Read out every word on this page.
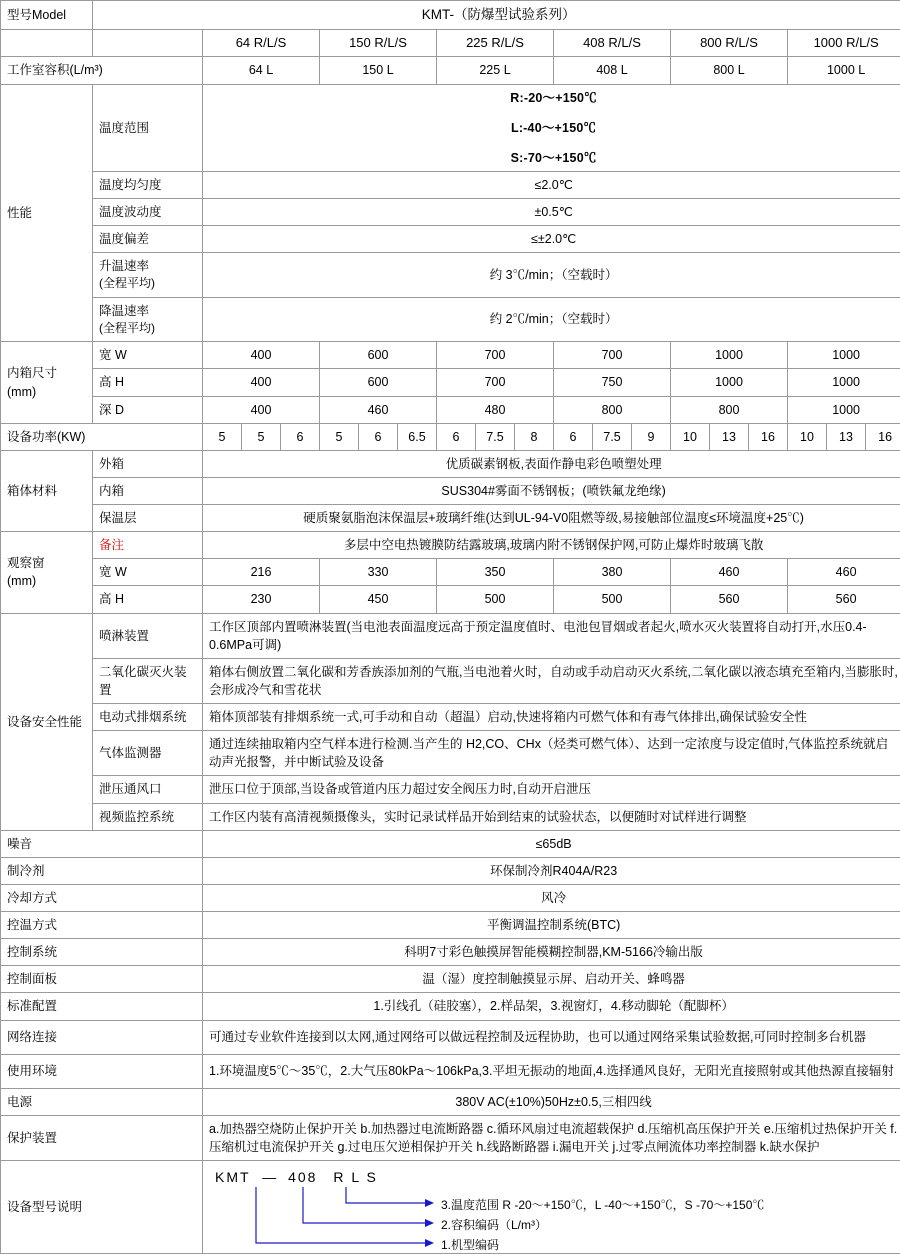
型号Model	KMT-（防爆型试验系列）																		
		64 R/L/S			150 R/L/S			225 R/L/S			408 R/L/S			800 R/L/S			1000 R/L/S		
工作室容积(L/m³)		64 L			150 L			225 L			408 L			800 L			1000 L		
性能	温度范围	R:-20～+150℃
L:-40～+150℃
S:-70～+150℃																	

	温度均匀度	≤2.0℃																	
	温度波动度	±0.5℃																	
	温度偏差	≤±2.0℃																	

	升温速率
(全程平均)	约 3℃/min；（空载时）																	

	降温速率
(全程平均)	约 2℃/min；（空载时）																	

内箱尺寸
(mm)	宽 W	400			600			700			700			1000			1000		
	高 H	400			600			700			750			1000			1000		
	深 D	400			460			480			800			800			1000		
设备功率(KW)		5	5	6	5	6	6.5	6	7.5	8	6	7.5	9	10	13	16	10	13	16
箱体材料	外箱	优质碳素钢板,表面作静电彩色喷塑处理																	
	内箱	SUS304#雾面不锈钢板；(喷铁氟龙绝缘)																	
	保温层	硬质聚氨脂泡沫保温层+玻璃纤维(达到UL-94-V0阻燃等级,易接触部位温度≤环境温度+25℃)																	

观察窗
(mm)	备注	多层中空电热镀膜防结露玻璃,玻璃内附不锈钢保护网,可防止爆炸时玻璃飞散																	
	宽 W	216			330			350			380			460			460		
	高 H	230			450			500			500			560			560		
设备安全性能	喷淋装置	工作区顶部内置喷淋装置(当电池表面温度远高于预定温度值时、电池包冒烟或者起火,喷水灭火装置将自动打开,水压0.4-0.6MPa可调)																	
	二氧化碳灭火装置	箱体右侧放置二氧化碳和芳香族添加剂的气瓶,当电池着火时，自动或手动启动灭火系统,二氧化碳以液态填充至箱内,当膨胀时,会形成冷气和雪花状																	
	电动式排烟系统	箱体顶部装有排烟系统一式,可手动和自动（超温）启动,快速将箱内可燃气体和有毒气体排出,确保试验安全性																	
	气体监测器	通过连续抽取箱内空气样本进行检测.当产生的 H2,CO、CHx（烃类可燃气体）、达到一定浓度与设定值时,气体监控系统就启动声光报警，并中断试验及设备																	
	泄压通风口	泄压口位于顶部,当设备或管道内压力超过安全阀压力时,自动开启泄压																	
	视频监控系统	工作区内装有高清视频摄像头，实时记录试样品开始到结束的试验状态，以便随时对试样进行调整																	
噪音		≤65dB																	
制冷剂		环保制冷剂R404A/R23																	
冷却方式		风冷																	
控温方式		平衡调温控制系统(BTC)																	
控制系统		科明7寸彩色触摸屏智能模糊控制器,KM-5166冷输出版																	
控制面板		温（湿）度控制触摸显示屏、启动开关、蜂鸣器																	
标准配置		1.引线孔（硅胶塞），2.样品架，3.视窗灯，4.移动脚轮（配脚杯）																	
网络连接		可通过专业软件连接到以太网,通过网络可以做远程控制及远程协助，也可以通过网络采集试验数据,可同时控制多台机器																	
使用环境		1.环境温度5℃～35℃，2.大气压80kPa～106kPa,3.平坦无振动的地面,4.选择通风良好，无阳光直接照射或其他热源直接辐射																	
电源		380V AC(±10%)50Hz±0.5,三相四线																	
保护装置		a.加热器空烧防止保护开关 b.加热器过电流断路器 c.循环风扇过电流超载保护 d.压缩机高压保护开关 e.压缩机过热保护开关 f.压缩机过电流保护开关 g.过电压欠逆相保护开关 h.线路断路器 i.漏电开关 j.过零点闸流体功率控制器 k.缺水保护																	
设备型号说明		KMT — 408 R L S
3.温度范围 R -20～+150℃，L -40～+150℃，S -70～+150℃
2.容积编码（L/m³）
1.机型编码																	
